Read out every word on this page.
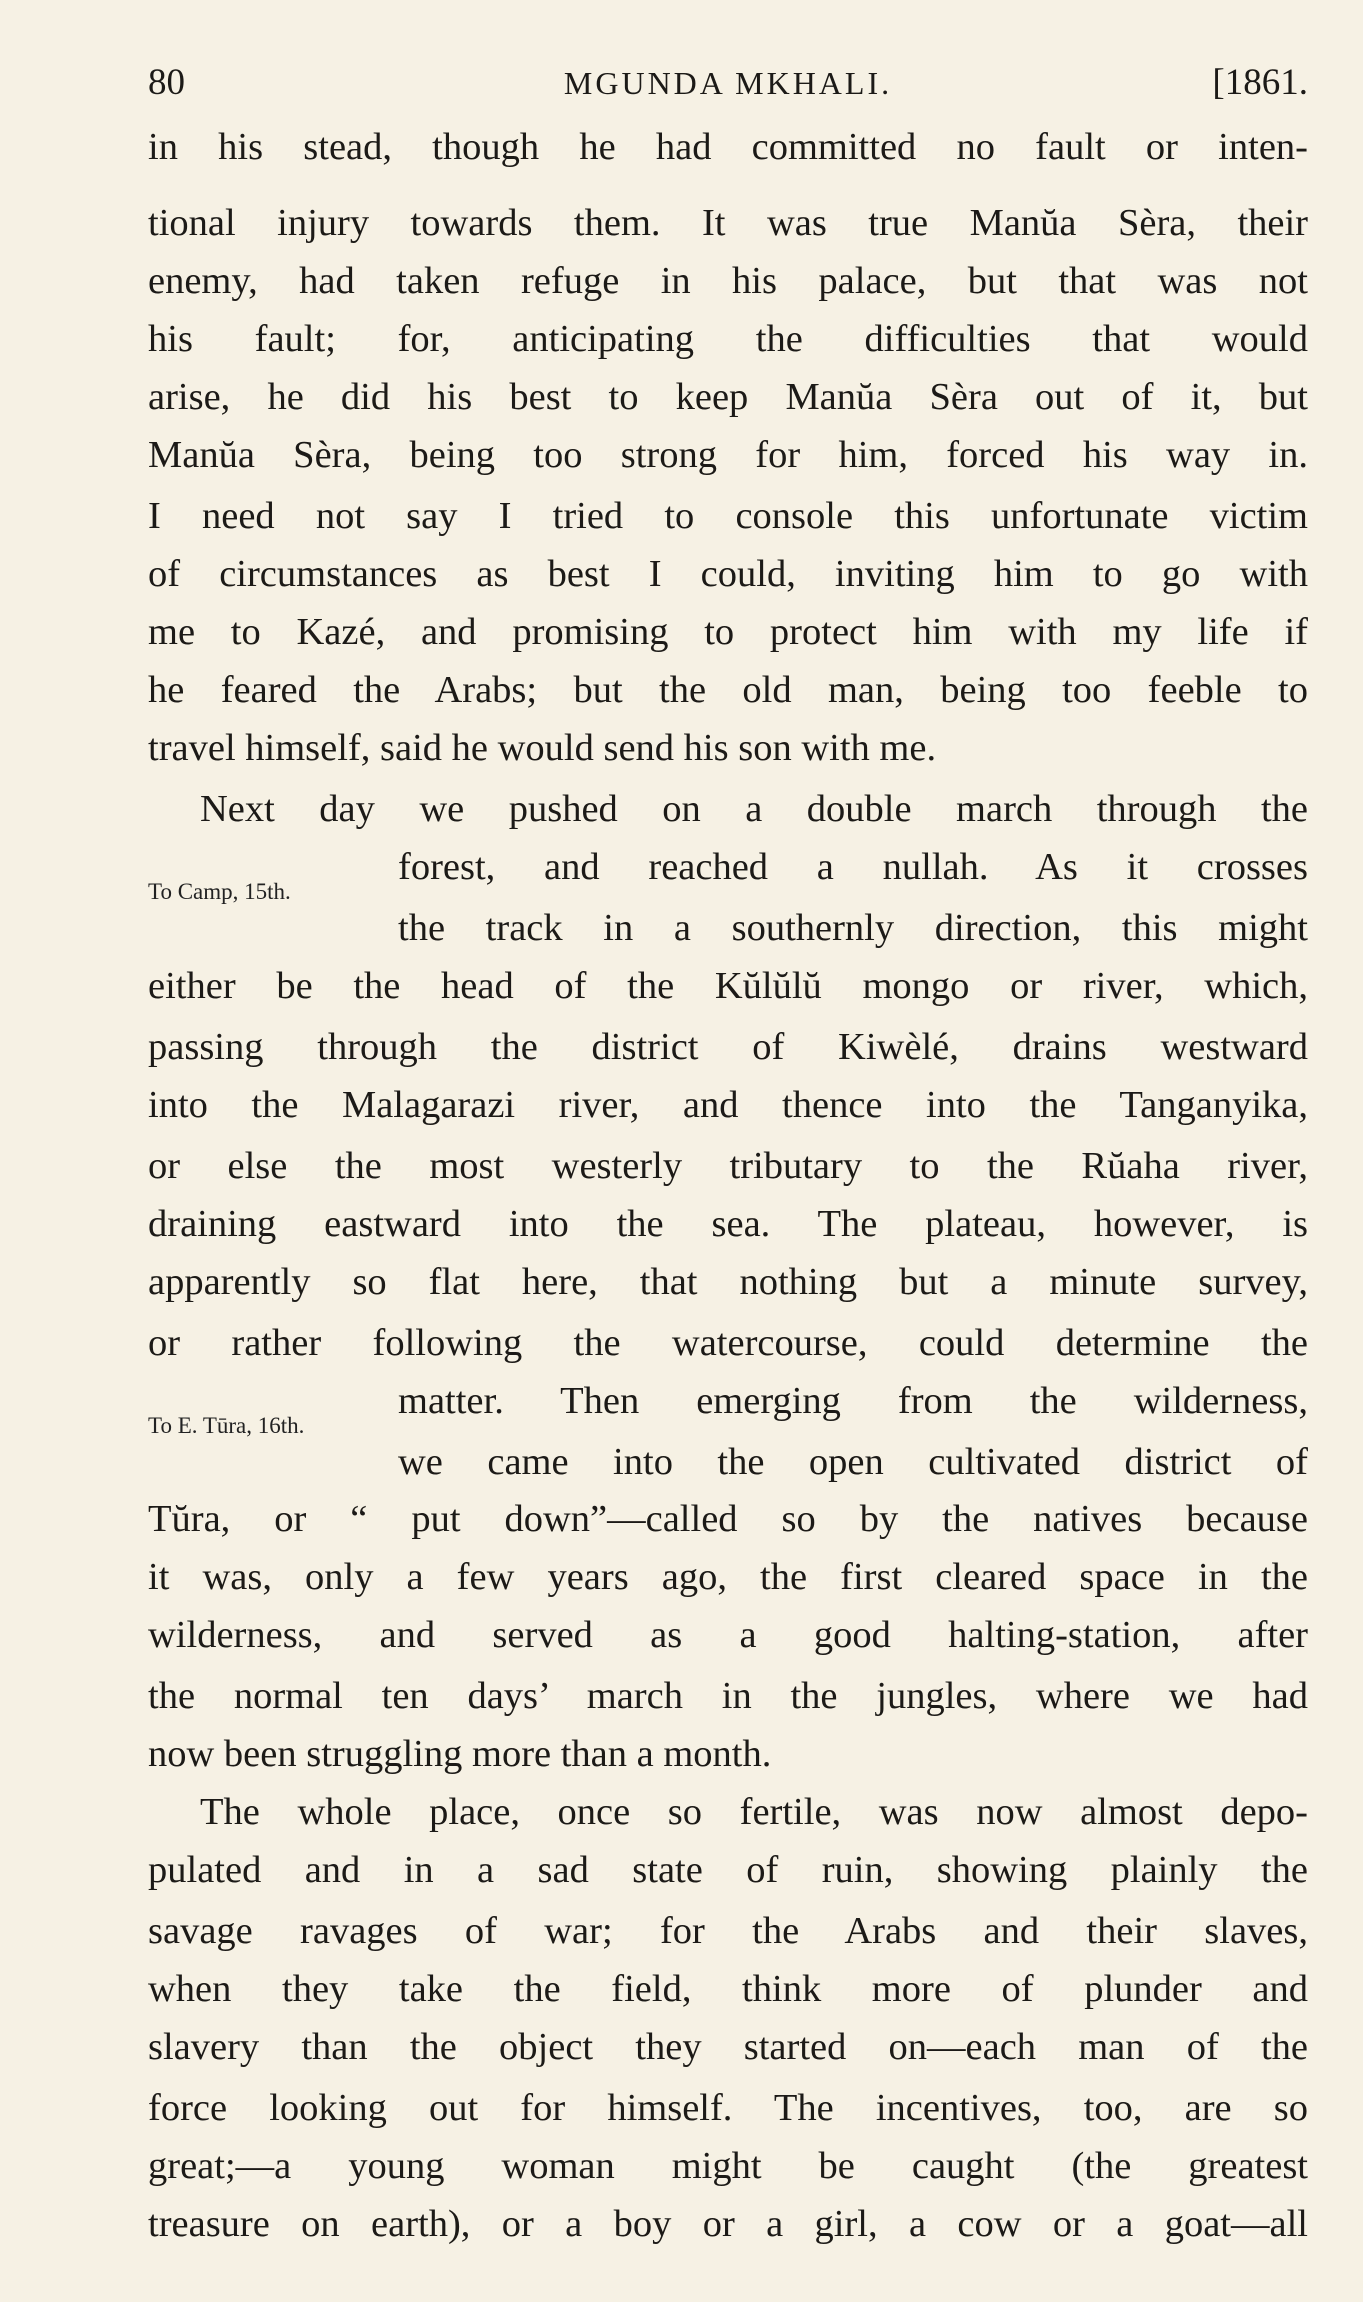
80	MGUNDA MKHALI.	[1861.
To Camp, 15th.
To E. Tūra, 16th.
in his stead, though he had committed no fault or inten-
tional injury towards them. It was true Manŭa Sèra, their
enemy, had taken refuge in his palace, but that was not
his fault; for, anticipating the difficulties that would
arise, he did his best to keep Manŭa Sèra out of it, but
Manŭa Sèra, being too strong for him, forced his way in.
I need not say I tried to console this unfortunate victim
of circumstances as best I could, inviting him to go with
me to Kazé, and promising to protect him with my life if
he feared the Arabs; but the old man, being too feeble to
travel himself, said he would send his son with me.
Next day we pushed on a double march through the
forest, and reached a nullah. As it crosses
the track in a southernly direction, this might
either be the head of the Kŭlŭlŭ mongo or river, which,
passing through the district of Kiwèlé, drains westward
into the Malagarazi river, and thence into the Tanganyika,
or else the most westerly tributary to the Rŭaha river,
draining eastward into the sea. The plateau, however, is
apparently so flat here, that nothing but a minute survey,
or rather following the watercourse, could determine the
matter. Then emerging from the wilderness,
we came into the open cultivated district of
Tŭra, or “ put down”—called so by the natives because
it was, only a few years ago, the first cleared space in the
wilderness, and served as a good halting-station, after
the normal ten days’ march in the jungles, where we had
now been struggling more than a month.
The whole place, once so fertile, was now almost depo-
pulated and in a sad state of ruin, showing plainly the
savage ravages of war; for the Arabs and their slaves,
when they take the field, think more of plunder and
slavery than the object they started on—each man of the
force looking out for himself. The incentives, too, are so
great;—a young woman might be caught (the greatest
treasure on earth), or a boy or a girl, a cow or a goat—all
